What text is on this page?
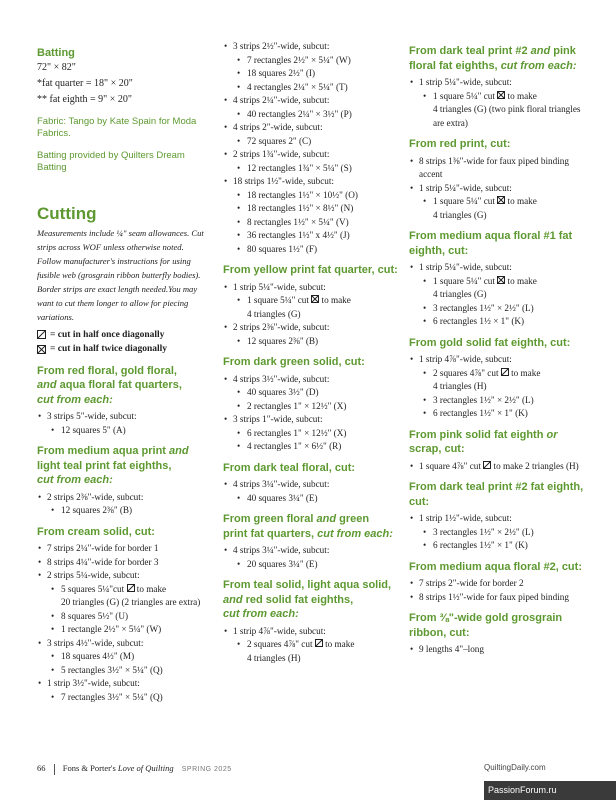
Batting

72" × 82"

*fat quarter = 18" × 20"

** fat eighth = 9" × 20"

Fabric: Tango by Kate Spain for Moda Fabrics.

Batting provided by Quilters Dream Batting

Cutting

Measurements include ¼" seam allowances. Cut strips across WOF unless otherwise noted. Follow manufacturer's instructions for using fusible web (grosgrain ribbon butterfly bodies). Border strips are exact length needed.You may want to cut them longer to allow for piecing variations.

= cut in half once diagonally

= cut in half twice diagonally

From red floral, gold floral,
and aqua floral fat quarters,
cut from each:
• 3 strips 5"-wide, subcut:
• 12 squares 5" (A)
From medium aqua print and
light teal print fat eighths,
cut from each:
• 2 strips 2⅜"-wide, subcut:
• 12 squares 2⅜" (B)
From cream solid, cut:
• 7 strips 2¼"-wide for border 1
• 8 strips 4¼"-wide for border 3
• 2 strips 5¼-wide, subcut:
• 5 squares 5¼"cut  to make
20 triangles (G) (2 triangles are extra)
• 8 squares 5½" (U)
• 1 rectangle 2½" × 5¼" (W)
• 3 strips 4½"-wide, subcut:
• 18 squares 4½" (M)
• 5 rectangles 3½" × 5¼" (Q)
• 1 strip 3½"-wide, subcut:
• 7 rectangles 3½" × 5¼" (Q)
• 3 strips 2½"-wide, subcut:
• 7 rectangles 2½" × 5¼" (W)
• 18 squares 2½" (I)
• 4 rectangles 2¼" × 5¼" (T)
• 4 strips 2¼"-wide, subcut:
• 40 rectangles 2¼" × 3½" (P)
• 4 strips 2"-wide, subcut:
• 72 squares 2" (C)
• 2 strips 1¾"-wide, subcut:
• 12 rectangles 1¾" × 5¼" (S)
• 18 strips 1½"-wide, subcut:
• 18 rectangles 1½" × 10½" (O)
• 18 rectangles 1½" × 8½" (N)
• 8 rectangles 1½" × 5¼" (V)
• 36 rectangles 1½" x 4½" (J)
• 80 squares 1½" (F)
From yellow print fat quarter, cut:
• 1 strip 5¼"-wide, subcut:
• 1 square 5¼" cut  to make
4 triangles (G)
• 2 strips 2⅜"-wide, subcut:
• 12 squares 2⅜" (B)
From dark green solid, cut:
• 4 strips 3½"-wide, subcut:
• 40 squares 3½" (D)
• 2 rectangles 1" × 12½" (X)
• 3 strips 1"-wide, subcut:
• 6 rectangles 1" × 12½" (X)
• 4 rectangles 1" × 6½" (R)
From dark teal floral, cut:
• 4 strips 3¼"-wide, subcut:
• 40 squares 3¼" (E)
From green floral and green
print fat quarters, cut from each:
• 4 strips 3¼"-wide, subcut:
• 20 squares 3¼" (E)
From teal solid, light aqua solid,
and red solid fat eighths,
cut from each:
• 1 strip 4⅞"-wide, subcut:
• 2 squares 4⅞" cut  to make
4 triangles (H)
From dark teal print #2 and pink
floral fat eighths, cut from each:
• 1 strip 5¼"-wide, subcut:
• 1 square 5¼" cut  to make
4 triangles (G) (two pink floral triangles are extra)
From red print, cut:
• 8 strips 1⅜"-wide for faux piped binding accent
• 1 strip 5¼"-wide, subcut:
• 1 square 5¼" cut  to make
4 triangles (G)
From medium aqua floral #1 fat eighth, cut:
• 1 strip 5¼"-wide, subcut:
• 1 square 5¼" cut  to make
4 triangles (G)
• 3 rectangles 1½" × 2½" (L)
• 6 rectangles 1½ × 1" (K)
From gold solid fat eighth, cut:
• 1 strip 4⅞"-wide, subcut:
• 2 squares 4⅞" cut  to make
4 triangles (H)
• 3 rectangles 1½" × 2½" (L)
• 6 rectangles 1½" × 1" (K)
From pink solid fat eighth or
scrap, cut:
• 1 square 4⅞" cut  to make 2 triangles (H)
From dark teal print #2 fat eighth, cut:
• 1 strip 1½"-wide, subcut:
• 3 rectangles 1½" × 2½" (L)
• 6 rectangles 1½" × 1" (K)
From medium aqua floral #2, cut:
• 7 strips 2"-wide for border 2
• 8 strips 1½"-wide for faux piped binding
From ⅜"-wide gold grosgrain ribbon, cut:
• 9 lengths 4"–long
66 Fons & Porter's Love of Quilting SPRING 2025	QuiltingDaily.com
PassionForum.ru
